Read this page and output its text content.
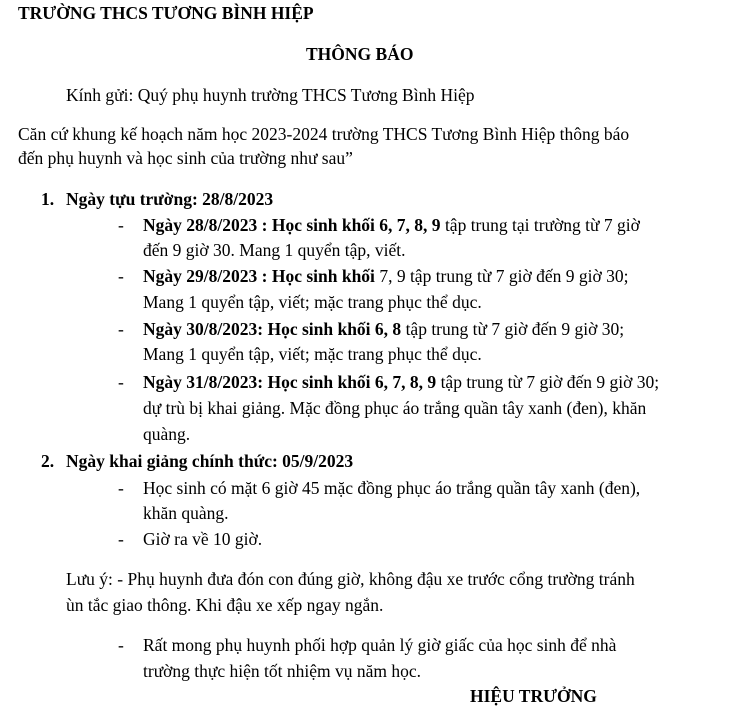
TRƯỜNG THCS TƯƠNG BÌNH HIỆP
THÔNG BÁO
Kính gửi: Quý phụ huynh trường THCS Tương Bình Hiệp
Căn cứ khung kế hoạch năm học 2023-2024 trường THCS Tương Bình Hiệp thông báo
đến phụ huynh và học sinh của trường như sau”
1. Ngày tựu trường: 28/8/2023
- Ngày 28/8/2023 : Học sinh khối 6, 7, 8, 9 tập trung tại trường từ 7 giờ
đến 9 giờ 30. Mang 1 quyển tập, viết.
- Ngày 29/8/2023 : Học sinh khối 7, 9 tập trung từ 7 giờ đến 9 giờ 30;
Mang 1 quyển tập, viết; mặc trang phục thể dục.
- Ngày 30/8/2023: Học sinh khối 6, 8 tập trung từ 7 giờ đến 9 giờ 30;
Mang 1 quyển tập, viết; mặc trang phục thể dục.
- Ngày 31/8/2023: Học sinh khối 6, 7, 8, 9 tập trung từ 7 giờ đến 9 giờ 30;
dự trù bị khai giảng. Mặc đồng phục áo trắng quần tây xanh (đen), khăn
quàng.
2. Ngày khai giảng chính thức: 05/9/2023
- Học sinh có mặt 6 giờ 45 mặc đồng phục áo trắng quần tây xanh (đen),
khăn quàng.
- Giờ ra về 10 giờ.
Lưu ý: - Phụ huynh đưa đón con đúng giờ, không đậu xe trước cổng trường tránh
ùn tắc giao thông. Khi đậu xe xếp ngay ngắn.
- Rất mong phụ huynh phối hợp quản lý giờ giấc của học sinh để nhà
trường thực hiện tốt nhiệm vụ năm học.
HIỆU TRƯỞNG
